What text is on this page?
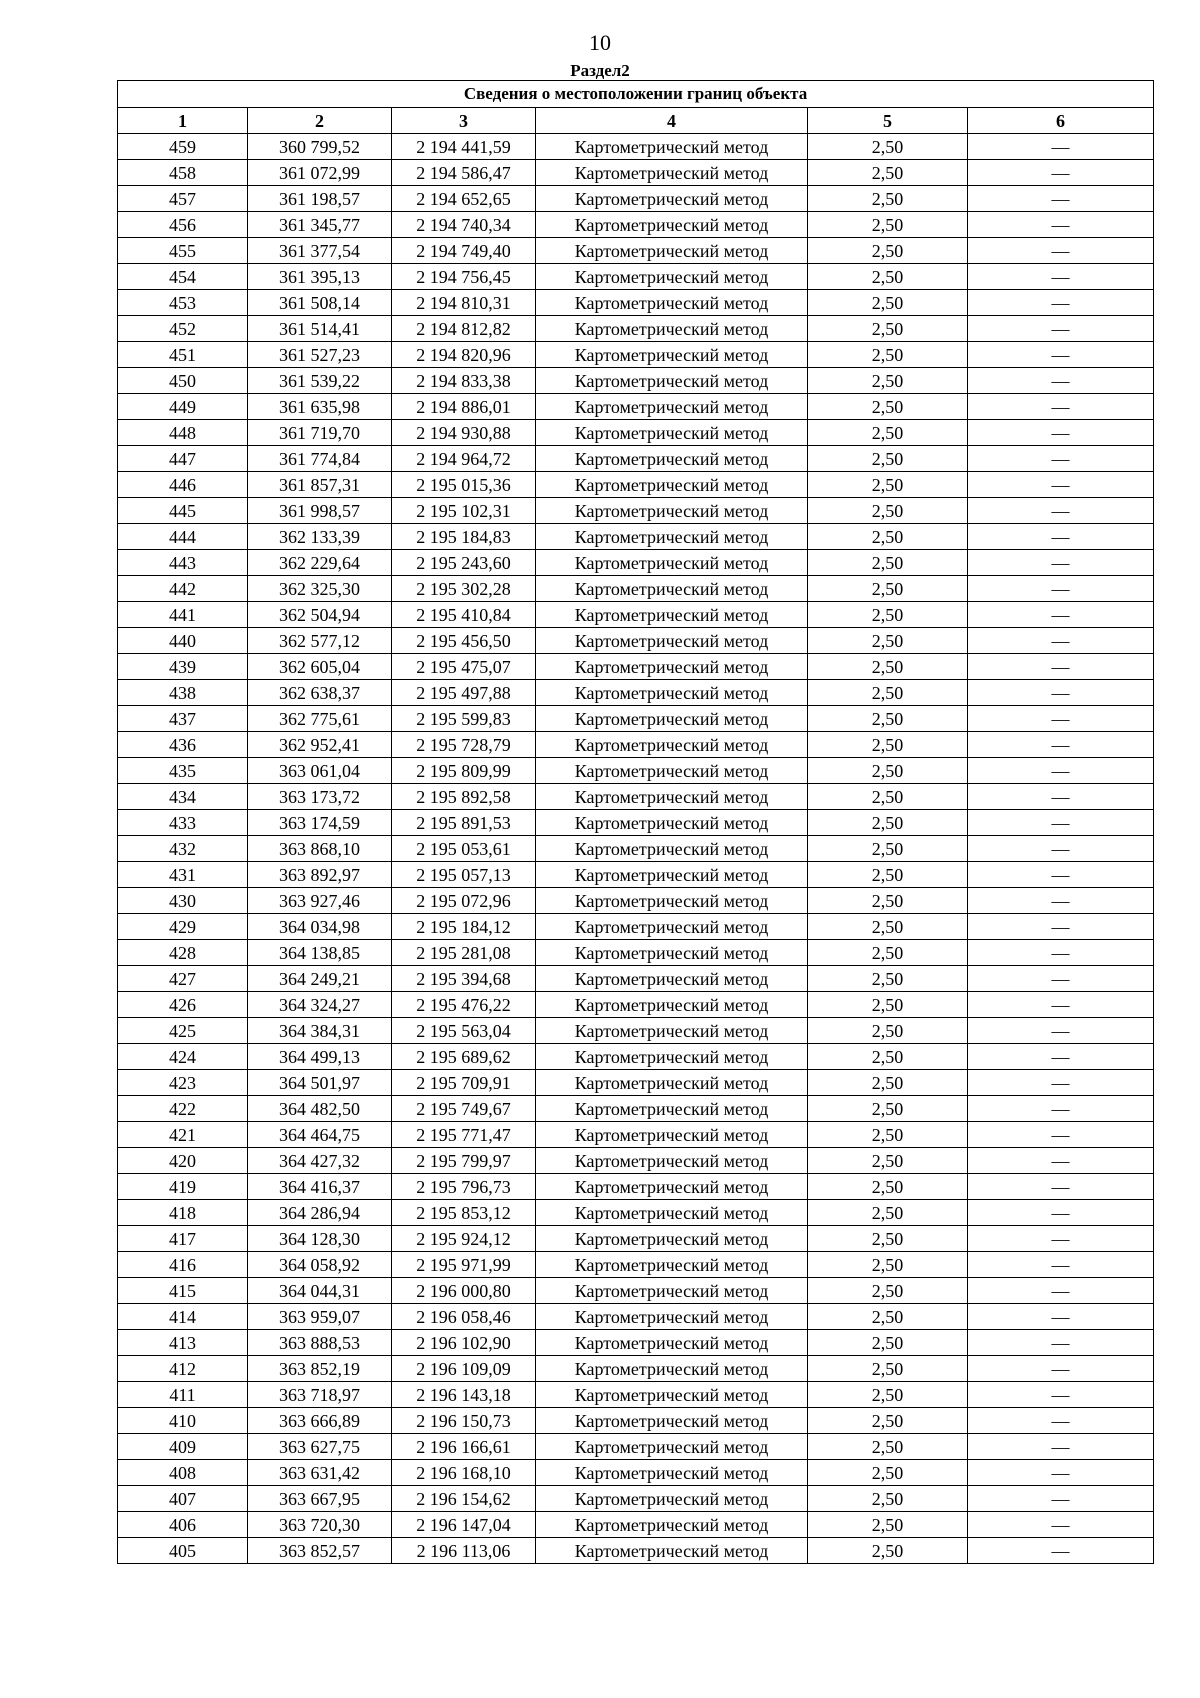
10
Раздел2
Сведения о местоположении границ объекта					
1	2	3	4	5	6
459	360 799,52	2 194 441,59	Картометрический метод	2,50	—
458	361 072,99	2 194 586,47	Картометрический метод	2,50	—
457	361 198,57	2 194 652,65	Картометрический метод	2,50	—
456	361 345,77	2 194 740,34	Картометрический метод	2,50	—
455	361 377,54	2 194 749,40	Картометрический метод	2,50	—
454	361 395,13	2 194 756,45	Картометрический метод	2,50	—
453	361 508,14	2 194 810,31	Картометрический метод	2,50	—
452	361 514,41	2 194 812,82	Картометрический метод	2,50	—
451	361 527,23	2 194 820,96	Картометрический метод	2,50	—
450	361 539,22	2 194 833,38	Картометрический метод	2,50	—
449	361 635,98	2 194 886,01	Картометрический метод	2,50	—
448	361 719,70	2 194 930,88	Картометрический метод	2,50	—
447	361 774,84	2 194 964,72	Картометрический метод	2,50	—
446	361 857,31	2 195 015,36	Картометрический метод	2,50	—
445	361 998,57	2 195 102,31	Картометрический метод	2,50	—
444	362 133,39	2 195 184,83	Картометрический метод	2,50	—
443	362 229,64	2 195 243,60	Картометрический метод	2,50	—
442	362 325,30	2 195 302,28	Картометрический метод	2,50	—
441	362 504,94	2 195 410,84	Картометрический метод	2,50	—
440	362 577,12	2 195 456,50	Картометрический метод	2,50	—
439	362 605,04	2 195 475,07	Картометрический метод	2,50	—
438	362 638,37	2 195 497,88	Картометрический метод	2,50	—
437	362 775,61	2 195 599,83	Картометрический метод	2,50	—
436	362 952,41	2 195 728,79	Картометрический метод	2,50	—
435	363 061,04	2 195 809,99	Картометрический метод	2,50	—
434	363 173,72	2 195 892,58	Картометрический метод	2,50	—
433	363 174,59	2 195 891,53	Картометрический метод	2,50	—
432	363 868,10	2 195 053,61	Картометрический метод	2,50	—
431	363 892,97	2 195 057,13	Картометрический метод	2,50	—
430	363 927,46	2 195 072,96	Картометрический метод	2,50	—
429	364 034,98	2 195 184,12	Картометрический метод	2,50	—
428	364 138,85	2 195 281,08	Картометрический метод	2,50	—
427	364 249,21	2 195 394,68	Картометрический метод	2,50	—
426	364 324,27	2 195 476,22	Картометрический метод	2,50	—
425	364 384,31	2 195 563,04	Картометрический метод	2,50	—
424	364 499,13	2 195 689,62	Картометрический метод	2,50	—
423	364 501,97	2 195 709,91	Картометрический метод	2,50	—
422	364 482,50	2 195 749,67	Картометрический метод	2,50	—
421	364 464,75	2 195 771,47	Картометрический метод	2,50	—
420	364 427,32	2 195 799,97	Картометрический метод	2,50	—
419	364 416,37	2 195 796,73	Картометрический метод	2,50	—
418	364 286,94	2 195 853,12	Картометрический метод	2,50	—
417	364 128,30	2 195 924,12	Картометрический метод	2,50	—
416	364 058,92	2 195 971,99	Картометрический метод	2,50	—
415	364 044,31	2 196 000,80	Картометрический метод	2,50	—
414	363 959,07	2 196 058,46	Картометрический метод	2,50	—
413	363 888,53	2 196 102,90	Картометрический метод	2,50	—
412	363 852,19	2 196 109,09	Картометрический метод	2,50	—
411	363 718,97	2 196 143,18	Картометрический метод	2,50	—
410	363 666,89	2 196 150,73	Картометрический метод	2,50	—
409	363 627,75	2 196 166,61	Картометрический метод	2,50	—
408	363 631,42	2 196 168,10	Картометрический метод	2,50	—
407	363 667,95	2 196 154,62	Картометрический метод	2,50	—
406	363 720,30	2 196 147,04	Картометрический метод	2,50	—
405	363 852,57	2 196 113,06	Картометрический метод	2,50	—
